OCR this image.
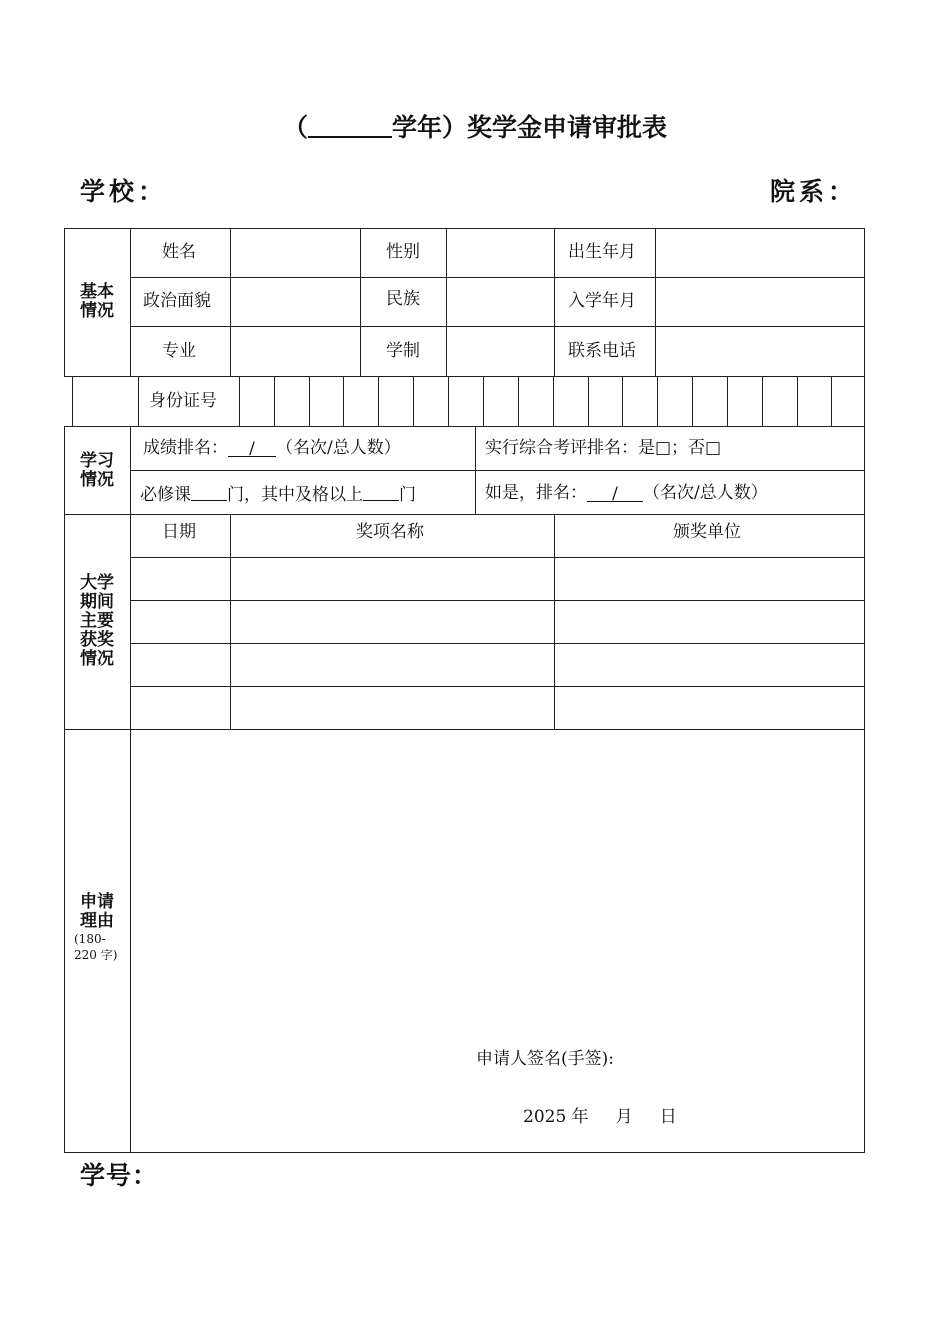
（	学年）奖学金申请审批表
学校：	院系：
基本
情况
姓名	性别	出生年月
政治面貌	民族	入学年月
专业	学制	联系电话
身份证号
学习
情况
成绩排名： / （名次/总人数）	实行综合考评排名：是□；否□
必修课 门，其中及格以上 门	如是，排名： / （名次/总人数）
大学
期间
主要
获奖
情况
日期	奖项名称	颁奖单位
申请
理由
(180-
220 字)
申请人签名(手签):
2025 年     月     日
学号：
